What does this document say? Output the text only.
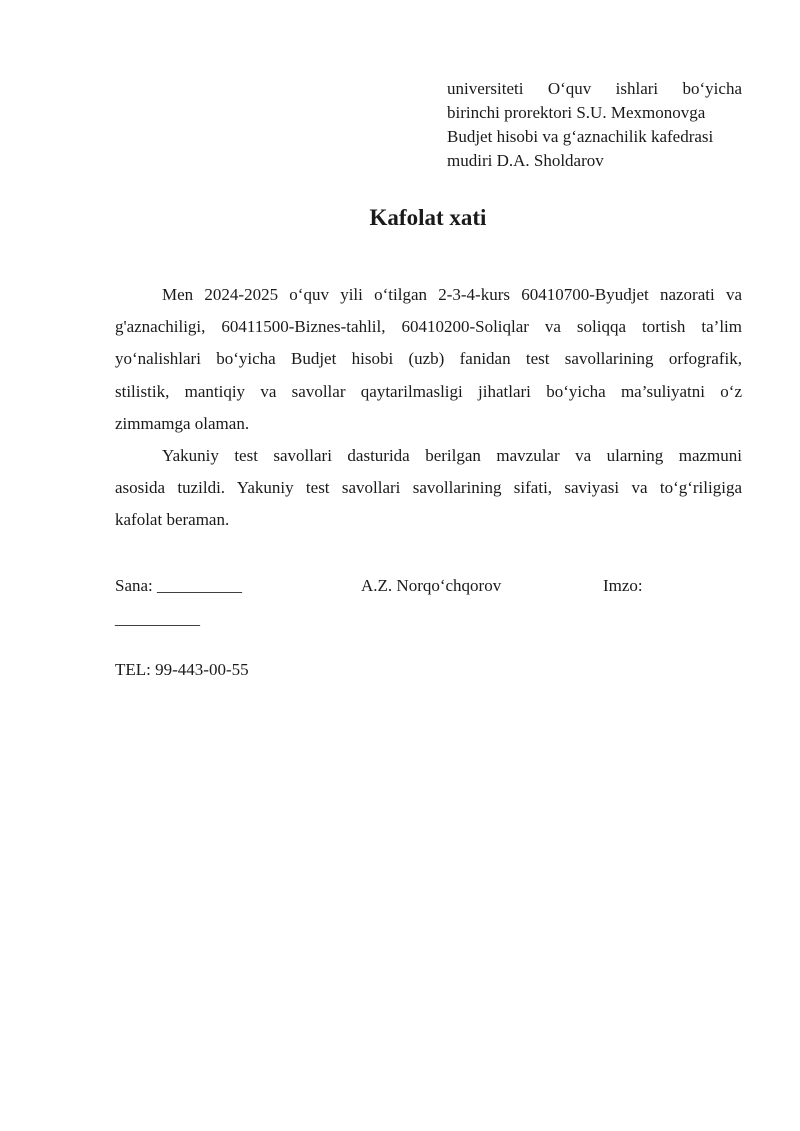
universiteti O‘quv ishlari bo‘yicha
birinchi prorektori S.U. Mexmonovga
Budjet hisobi va g‘aznachilik kafedrasi
mudiri D.A. Sholdarov
Kafolat xati

Men 2024-2025 o‘quv yili o‘tilgan 2-3-4-kurs 60410700-Byudjet nazorati va
g'aznachiligi, 60411500-Biznes-tahlil, 60410200-Soliqlar va soliqqa tortish ta’lim
yo‘nalishlari bo‘yicha Budjet hisobi (uzb) fanidan test savollarining orfografik,
stilistik, mantiqiy va savollar qaytarilmasligi jihatlari bo‘yicha ma’suliyatni o‘z
zimmamga olaman.

Yakuniy test savollari dasturida berilgan mavzular va ularning mazmuni
asosida tuzildi. Yakuniy test savollari savollarining sifati, saviyasi va to‘g‘riligiga
kafolat beraman.

Sana: __________	A.Z. Norqo‘chqorov	Imzo:
__________
TEL: 99-443-00-55
